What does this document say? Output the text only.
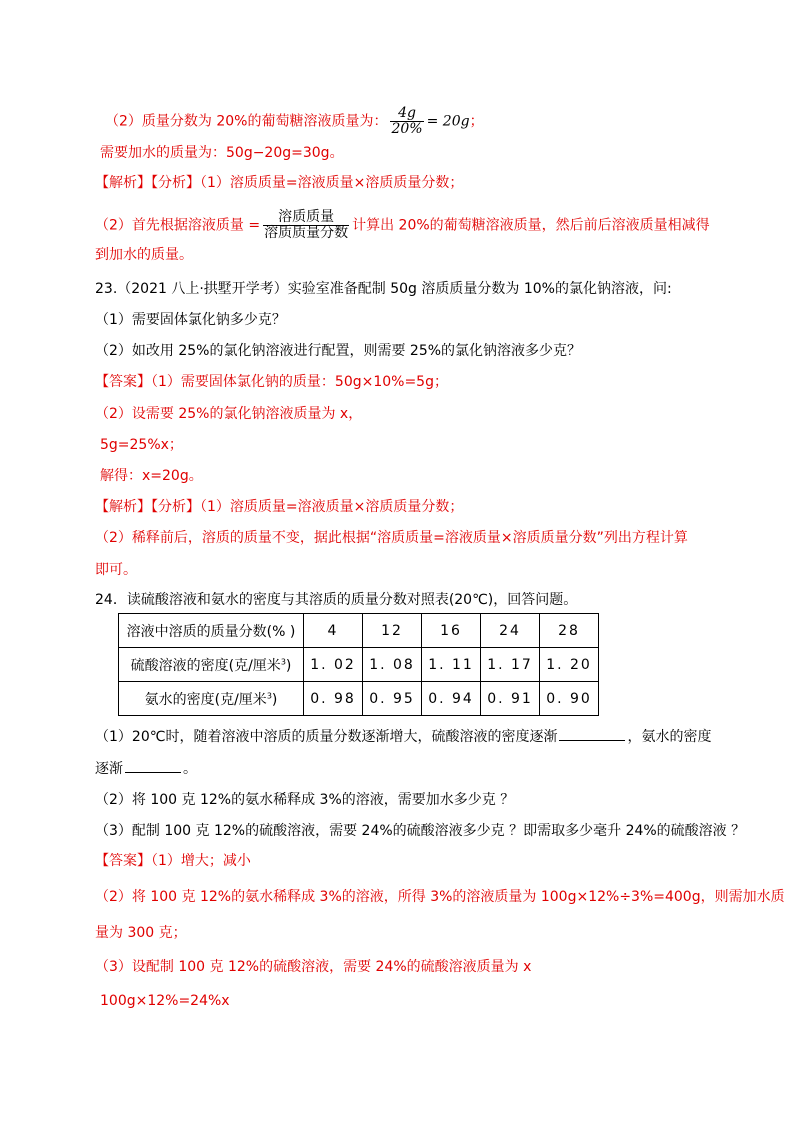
（2）质量分数为 20%的葡萄糖溶液质量为： $\frac{4g}{20\%} = 20g$；
需要加水的质量为：50g−20g=30g。
【解析】【分析】（1）溶质质量=溶液质量×溶质质量分数；
（2）首先根据溶液质量 = $\frac{\text{溶质质量}}{\text{溶质质量分数}}$ 计算出 20%的葡萄糖溶液质量，然后前后溶液质量相减得
到加水的质量。
23.（2021 八上·拱墅开学考）实验室准备配制 50g 溶质质量分数为 10%的氯化钠溶液，问:
（1）需要固体氯化钠多少克？
（2）如改用 25%的氯化钠溶液进行配置，则需要 25%的氯化钠溶液多少克？
【答案】（1）需要固体氯化钠的质量：50g×10%=5g；
（2）设需要 25%的氯化钠溶液质量为 x，
5g=25%x；
解得：x=20g。
【解析】【分析】（1）溶质质量=溶液质量×溶质质量分数；
（2）稀释前后，溶质的质量不变，据此根据“溶质质量=溶液质量×溶质质量分数”列出方程计算
即可。
24．读硫酸溶液和氨水的密度与其溶质的质量分数对照表(20℃)，回答问题。
溶液中溶质的质量分数(% )	4	12	16	24	28
硫酸溶液的密度(克/厘米$^3$)	1. 02	1. 08	1. 11	1. 17	1. 20
氨水的密度(克/厘米$^3$)	0. 98	0. 95	0. 94	0. 91	0. 90
（1）20℃时，随着溶液中溶质的质量分数逐渐增大，硫酸溶液的密度逐渐	，氨水的密度
逐渐	。
（2）将 100 克 12%的氨水稀释成 3%的溶液，需要加水多少克 ？
（3）配制 100 克 12%的硫酸溶液，需要 24%的硫酸溶液多少克 ？即需取多少毫升 24%的硫酸溶液 ？
【答案】（1）增大；减小
（2）将 100 克 12%的氨水稀释成 3%的溶液，所得 3%的溶液质量为 100g×12%÷3%=400g，则需加水质
量为 300 克；
（3）设配制 100 克 12%的硫酸溶液，需要 24%的硫酸溶液质量为 x
100g×12%=24%x
